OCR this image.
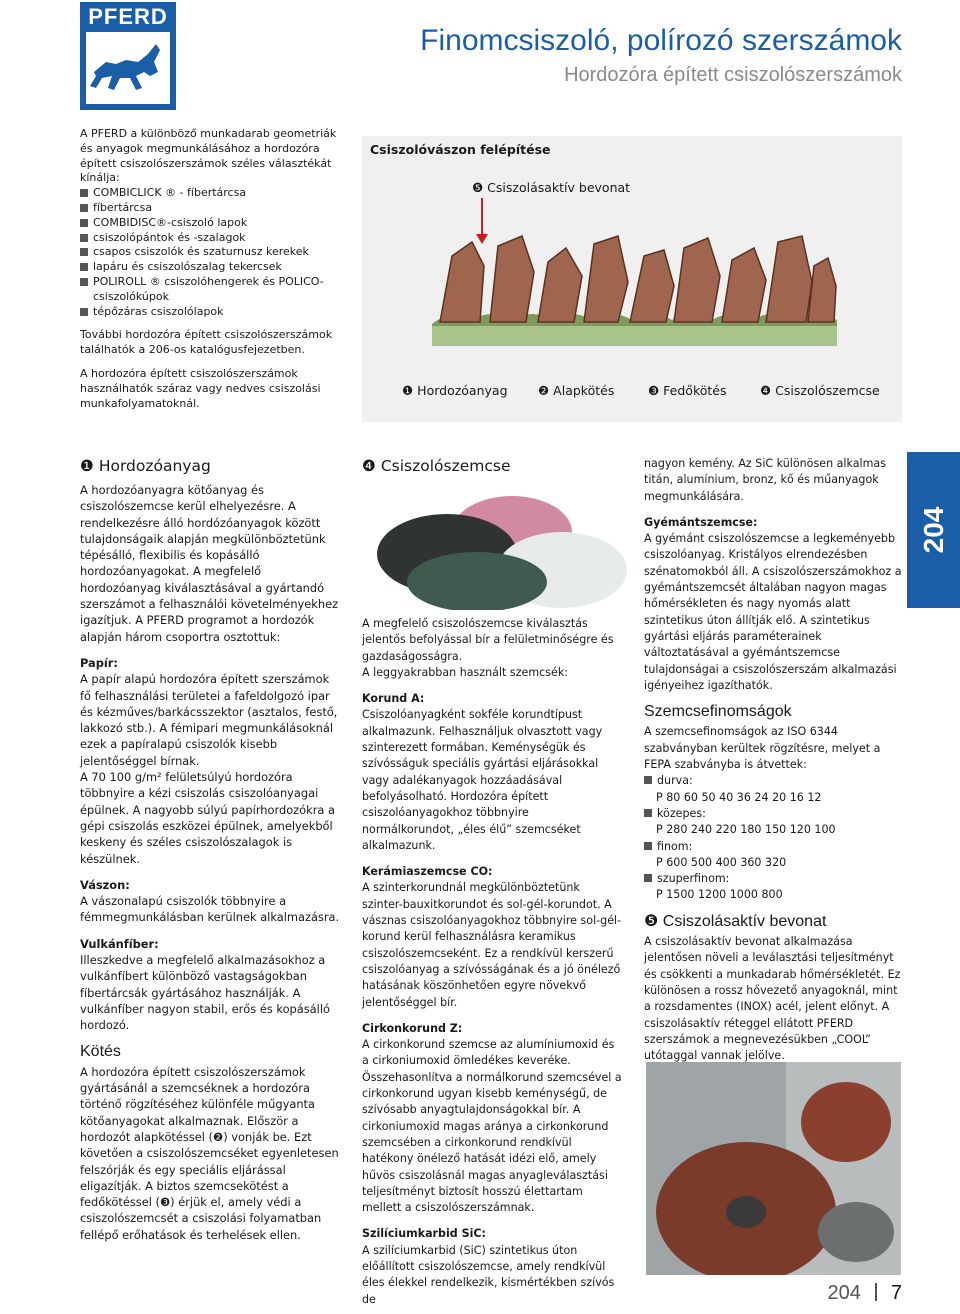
PFERD
Finomcsiszoló, polírozó szerszámok
Hordozóra épített csiszolószerszámok
204

A PFERD a különböző munkadarab geometriák és anyagok megmunkálásához a hordozóra épített csiszolószerszámok széles választékát kínálja:

COMBICLICK ® - fíbertárcsa
fíbertárcsa
COMBIDISC®-csiszoló lapok
csiszolópántok és -szalagok
csapos csiszolók és szaturnusz kerekek
lapáru és csiszolószalag tekercsek
POLIROLL ® csiszolóhengerek és POLICO-csiszolókúpok
tépőzáras csiszolólapok

További hordozóra épített csiszolószerszámok találhatók a 206-os katalógusfejezetben.

A hordozóra épített csiszolószerszámok használhatók száraz vagy nedves csiszolási munkafolyamatoknál.

Csiszolóvászon felépítése
❺ Csiszolásaktív bevonat
❶ Hordozóanyag ❷ Alapkötés	❸ Fedőkötés	❹ Csiszolószemcse

❶ Hordozóanyag

A hordozóanyagra kötőanyag és csiszolószemcse kerül elhelyezésre. A rendelkezésre álló hordózóanyagok között tulajdonságaik alapján megkülönböztetünk tépésálló, flexibilis és kopásálló hordozóanyagokat. A megfelelő hordozóanyag kiválasztásával a gyártandó szerszámot a felhasználói követelményekhez igazítjuk. A PFERD programot a hordozók alapján három csoportra osztottuk:

Papír:

A papír alapú hordozóra épített szerszámok fő felhasználási területei a fafeldolgozó ipar és kézműves/barkácsszektor (asztalos, festő, lakkozó stb.). A fémipari megmunkálásoknál ezek a papíralapú csiszolók kisebb jelentőséggel bírnak.

A 70 100 g/m² felületsúlyú hordozóra többnyire a kézi csiszolás csiszolóanyagai épülnek. A nagyobb súlyú papírhordozókra a gépi csiszolás eszközei épülnek, amelyekből keskeny és széles csiszolószalagok is készülnek.

Vászon:

A vászonalapú csiszolók többnyire a fémmegmunkálásban kerülnek alkalmazásra.

Vulkánfíber:

Illeszkedve a megfelelő alkalmazásokhoz a vulkánfíbert különböző vastagságokban fíbertárcsák gyártásához használják. A vulkánfíber nagyon stabil, erős és kopásálló hordozó.

Kötés

A hordozóra épített csiszolószerszámok gyártásánál a szemcséknek a hordozóra történő rögzítéséhez különféle műgyanta kötőanyagokat alkalmaznak. Először a hordozót alapkötéssel (❷) vonják be. Ezt követően a csiszolószemcséket egyenletesen felszórják és egy speciális eljárással eligazítják. A biztos szemcsekötést a fedőkötéssel (❸) érjük el, amely védi a csiszolószemcsét a csiszolási folyamatban fellépő erőhatások és terhelések ellen.

❹ Csiszolószemcse

A megfelelő csiszolószemcse kiválasztás jelentős befolyással bír a felületminőségre és gazdaságosságra.

A leggyakrabban használt szemcsék:

Korund A:

Csiszolóanyagként sokféle korundtípust alkalmazunk. Felhasználjuk olvasztott vagy szinterezett formában. Keménységük és szívósságuk speciális gyártási eljárásokkal vagy adalékanyagok hozzáadásával befolyásolható. Hordozóra épített csiszolóanyagokhoz többnyire normálkorundot, „éles élű” szemcséket alkalmazunk.

Kerámiaszemcse CO:

A szinterkorundnál megkülönböztetünk szinter-bauxitkorundot és sol-gél-korundot. A vásznas csiszolóanyagokhoz többnyire sol-gél-korund kerül felhasználásra keramikus csiszolószemcseként. Ez a rendkívül kerszerű csiszolóanyag a szívósságának és a jó önélező hatásának köszönhetően egyre növekvő jelentőséggel bír.

Cirkonkorund Z:

A cirkonkorund szemcse az alumíniumoxid és a cirkoniumoxid ömledékes keveréke. Összehasonlítva a normálkorund szemcsével a cirkonkorund ugyan kisebb keménységű, de szívósabb anyagtulajdonságokkal bír. A cirkoniumoxid magas aránya a cirkonkorund szemcsében a cirkonkorund rendkívül hatékony önélező hatását idézi elő, amely hűvös csiszolásnál magas anyagleválasztási teljesítményt biztosít hosszú élettartam mellett a csiszolószerszámnak.

Szilíciumkarbid SiC:

A szilíciumkarbid (SiC) szintetikus úton előállított csiszolószemcse, amely rendkívül éles élekkel rendelkezik, kismértékben szívós de

nagyon kemény. Az SiC különösen alkalmas titán, alumínium, bronz, kő és műanyagok megmunkálására.

Gyémántszemcse:

A gyémánt csiszolószemcse a legkeményebb csiszolóanyag. Kristályos elrendezésben szénatomokból áll. A csiszolószerszámokhoz a gyémántszemcsét általában nagyon magas hőmérsékleten és nagy nyomás alatt szintetikus úton állítják elő. A szintetikus gyártási eljárás paraméterainek változtatásával a gyémántszemcse tulajdonságai a csiszolószerszám alkalmazási igényeihez igazíthatók.

Szemcsefinomságok

A szemcsefinomságok az ISO 6344 szabványban kerültek rögzítésre, melyet a FEPA szabványba is átvettek:

durva:
P 80 60 50 40 36 24 20 16 12
közepes:
P 280 240 220 180 150 120 100
finom:
P 600 500 400 360 320
szuperfinom:
P 1500 1200 1000 800

❺ Csiszolásaktív bevonat

A csiszolásaktív bevonat alkalmazása jelentősen növeli a leválasztási teljesítményt és csökkenti a munkadarab hőmérsékletét. Ez különösen a rossz hővezető anyagoknál, mint a rozsdamentes (INOX) acél, jelent előnyt. A csiszolásaktív réteggel ellátott PFERD szerszámok a megnevezésükben „COOL” utótaggal vannak jelölve.

204 7
